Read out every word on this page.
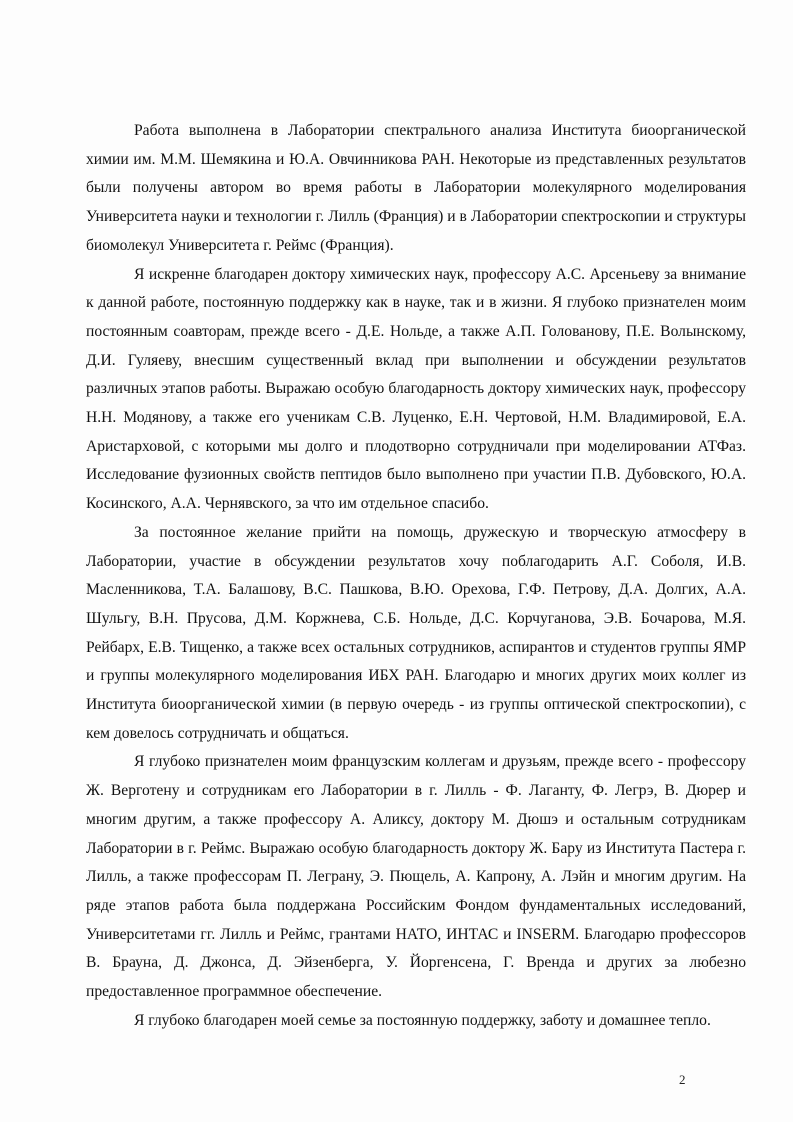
Работа выполнена в Лаборатории спектрального анализа Института биоорганической химии им. М.М. Шемякина и Ю.А. Овчинникова РАН. Некоторые из представленных результатов были получены автором во время работы в Лаборатории молекулярного моделирования Университета науки и технологии г. Лилль (Франция) и в Лаборатории спектроскопии и структуры биомолекул Университета г. Реймс (Франция).

Я искренне благодарен доктору химических наук, профессору А.С. Арсеньеву за внимание к данной работе, постоянную поддержку как в науке, так и в жизни. Я глубоко признателен моим постоянным соавторам, прежде всего - Д.Е. Нольде, а также А.П. Головановy, П.Е. Волынскому, Д.И. Гуляеву, внесшим существенный вклад при выполнении и обсуждении результатов различных этапов работы. Выражаю особую благодарность доктору химических наук, профессору Н.Н. Модянову, а также его ученикам С.В. Луценко, Е.Н. Чертовой, Н.М. Владимировой, Е.А. Аристарховой, с которыми мы долго и плодотворно сотрудничали при моделировании АТФаз. Исследование фузионных свойств пептидов было выполнено при участии П.В. Дубовского, Ю.А. Косинского, А.А. Чернявского, за что им отдельное спасибо.

За постоянное желание прийти на помощь, дружескую и творческую атмосферу в Лаборатории, участие в обсуждении результатов хочу поблагодарить А.Г. Соболя, И.В. Масленникова, Т.А. Балашову, В.С. Пашкова, В.Ю. Орехова, Г.Ф. Петрову, Д.А. Долгих, А.А. Шульгу, В.Н. Прусова, Д.М. Коржнева, С.Б. Нольде, Д.С. Корчуганова, Э.В. Бочарова, М.Я. Рейбарх, Е.В. Тищенко, а также всех остальных сотрудников, аспирантов и студентов группы ЯМР и группы молекулярного моделирования ИБХ РАН. Благодарю и многих других моих коллег из Института биоорганической химии (в первую очередь - из группы оптической спектроскопии), с кем довелось сотрудничать и общаться.

Я глубоко признателен моим французским коллегам и друзьям, прежде всего - профессору Ж. Верготену и сотрудникам его Лаборатории в г. Лилль - Ф. Лаганту, Ф. Легрэ, В. Дюрер и многим другим, а также профессору А. Аликсу, доктору М. Дюшэ и остальным сотрудникам Лаборатории в г. Реймс. Выражаю особую благодарность доктору Ж. Бару из Института Пастера г. Лилль, а также профессорам П. Леграну, Э. Пющель, А. Капрону, А. Лэйн и многим другим. На ряде этапов работа была поддержана Российским Фондом фундаментальных исследований, Университетами гг. Лилль и Реймс, грантами НАТО, ИНТАС и INSERM. Благодарю профессоров В. Брауна, Д. Джонса, Д. Эйзенберга, У. Йоргенсена, Г. Вренда и других за любезно предоставленное программное обеспечение.

Я глубоко благодарен моей семье за постоянную поддержку, заботу и домашнее тепло.

2
